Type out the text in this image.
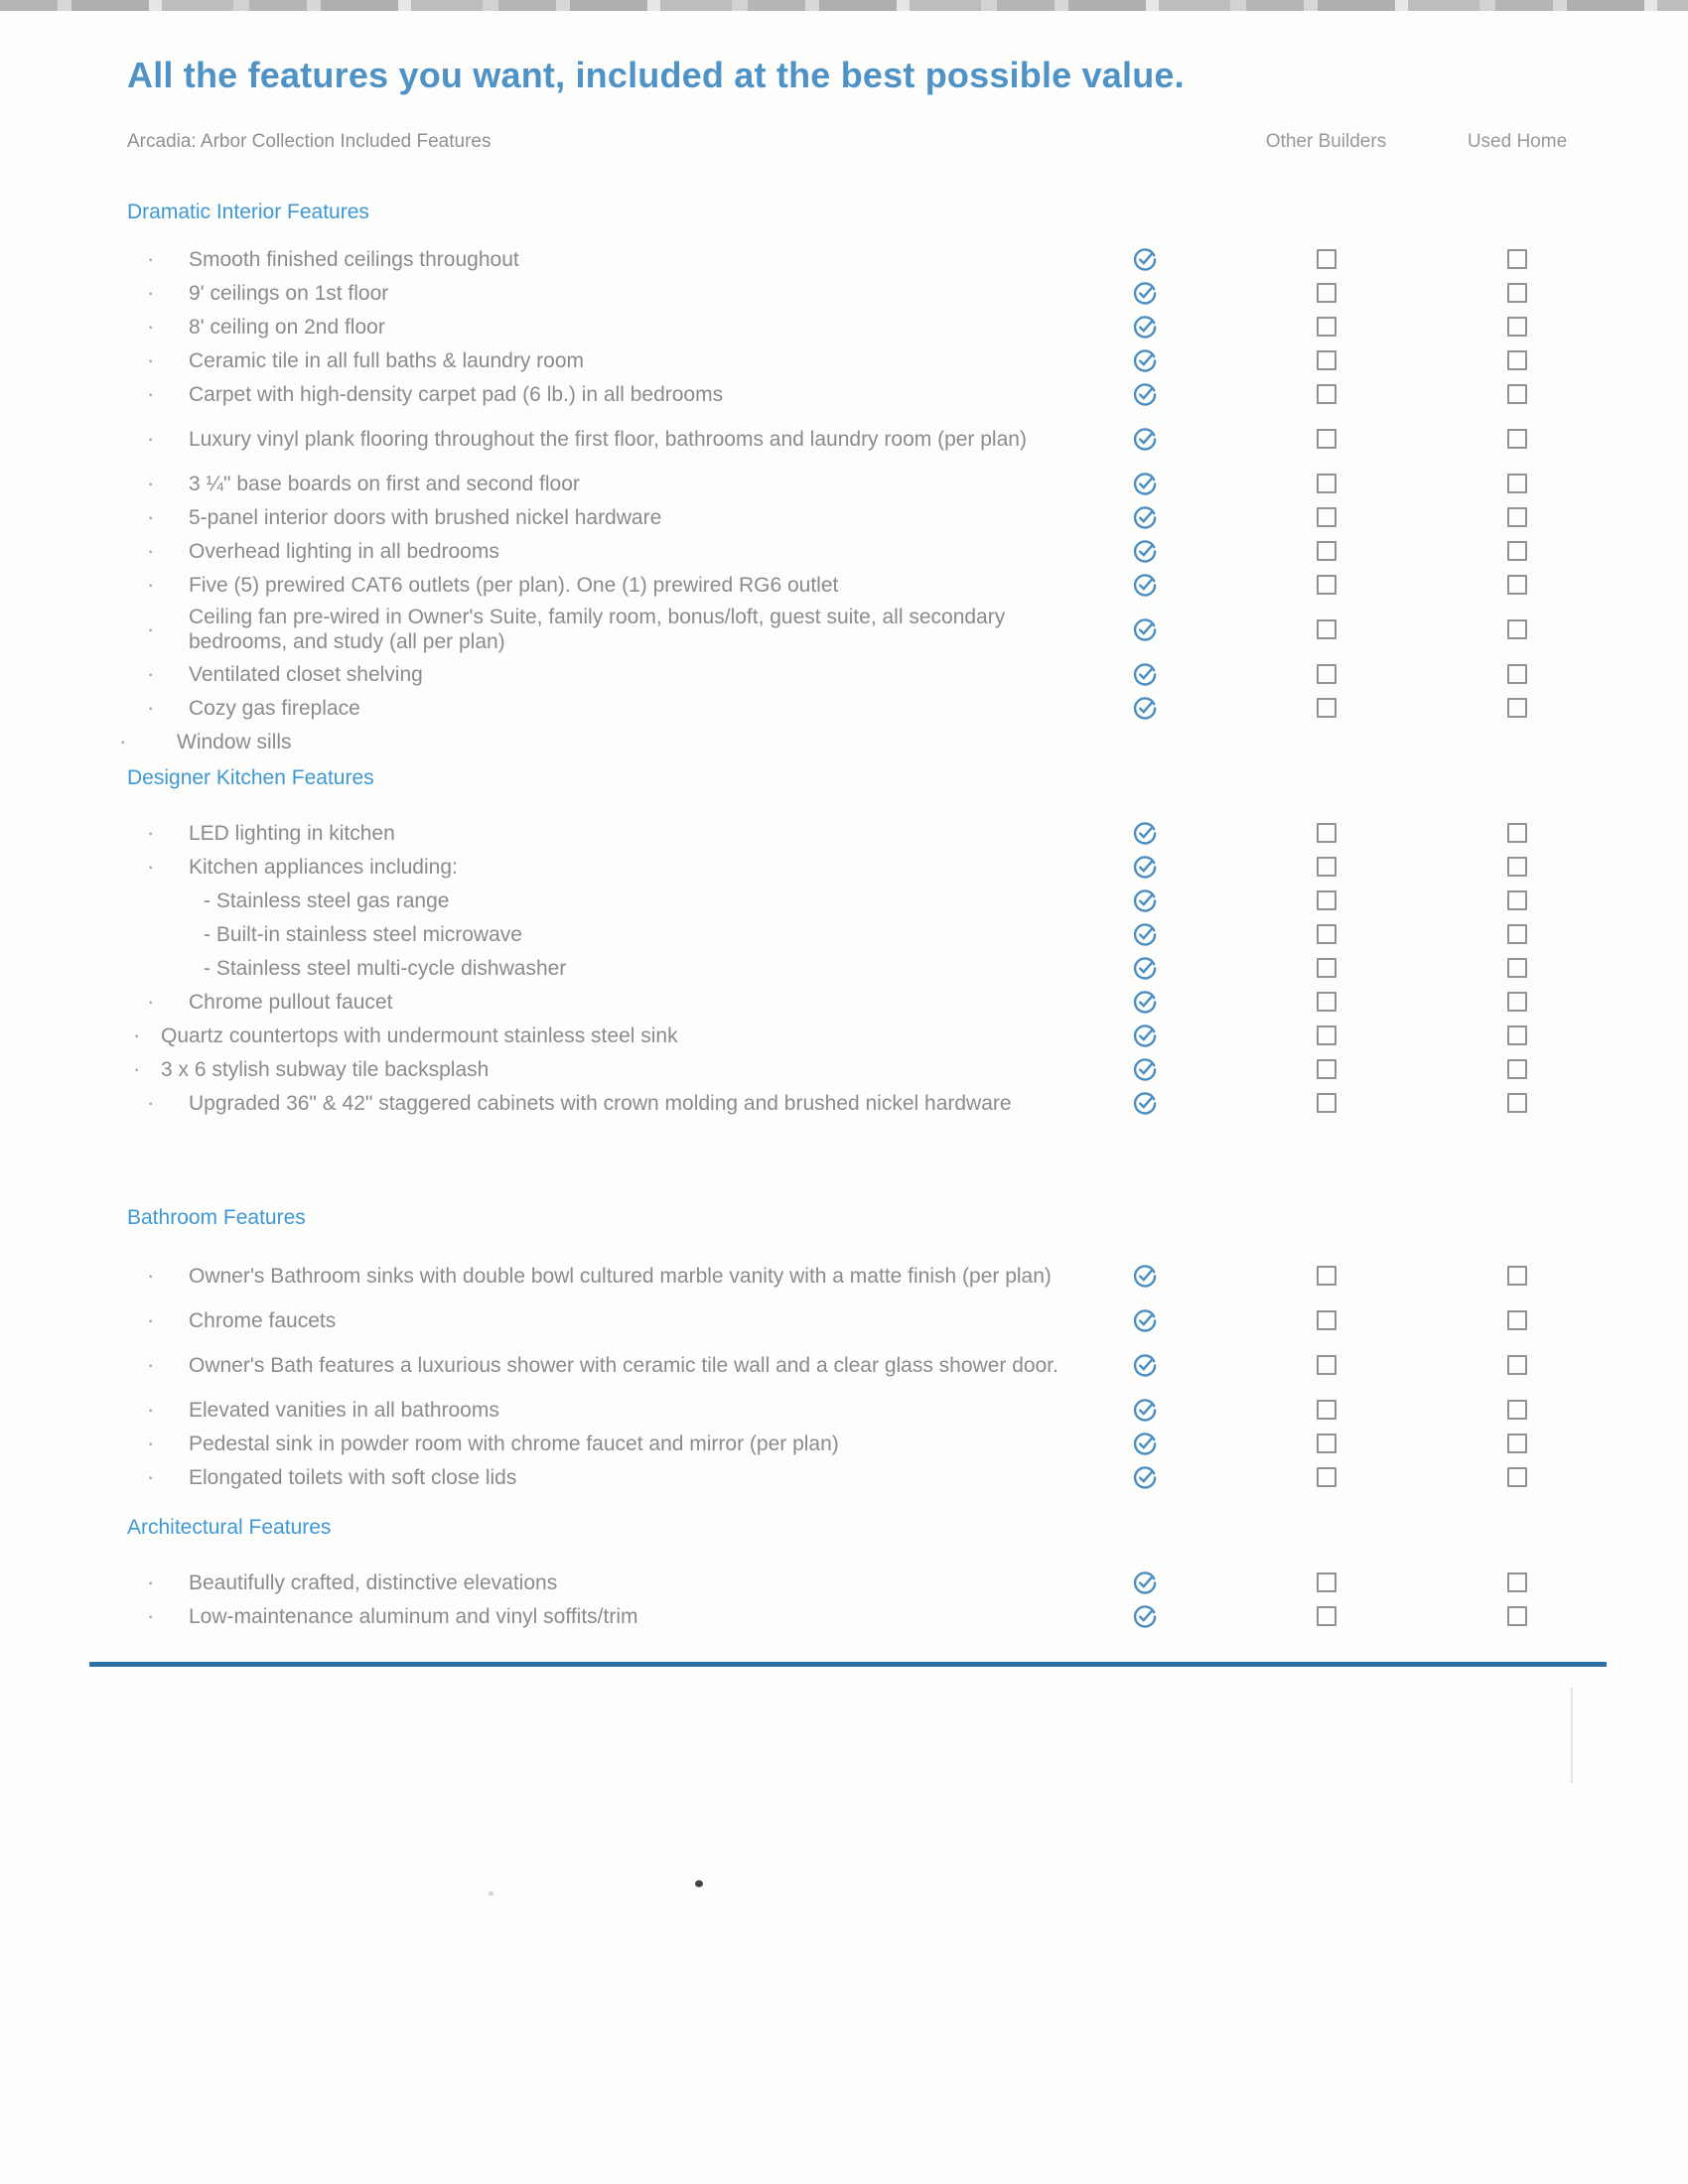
All the features you want, included at the best possible value.
Arcadia: Arbor Collection Included Features	Other Builders	Used Home
Dramatic Interior Features
· Smooth finished ceilings throughout
· 9' ceilings on 1st floor
· 8' ceiling on 2nd floor
· Ceramic tile in all full baths & laundry room
· Carpet with high-density carpet pad (6 lb.) in all bedrooms
· Luxury vinyl plank flooring throughout the first floor, bathrooms and laundry room (per plan)
· 3 ¼" base boards on first and second floor
· 5-panel interior doors with brushed nickel hardware
· Overhead lighting in all bedrooms
· Five (5) prewired CAT6 outlets (per plan). One (1) prewired RG6 outlet
· Ceiling fan pre-wired in Owner's Suite, family room, bonus/loft, guest suite, all secondary bedrooms, and study (all per plan)
· Ventilated closet shelving
· Cozy gas fireplace
· Window sills
Designer Kitchen Features
· LED lighting in kitchen
· Kitchen appliances including:
- Stainless steel gas range
- Built-in stainless steel microwave
- Stainless steel multi-cycle dishwasher
· Chrome pullout faucet
· Quartz countertops with undermount stainless steel sink
· 3 x 6 stylish subway tile backsplash
· Upgraded 36" & 42" staggered cabinets with crown molding and brushed nickel hardware
Bathroom Features
· Owner's Bathroom sinks with double bowl cultured marble vanity with a matte finish (per plan)
· Chrome faucets
· Owner's Bath features a luxurious shower with ceramic tile wall and a clear glass shower door.
· Elevated vanities in all bathrooms
· Pedestal sink in powder room with chrome faucet and mirror (per plan)
· Elongated toilets with soft close lids
Architectural Features
· Beautifully crafted, distinctive elevations
· Low-maintenance aluminum and vinyl soffits/trim
